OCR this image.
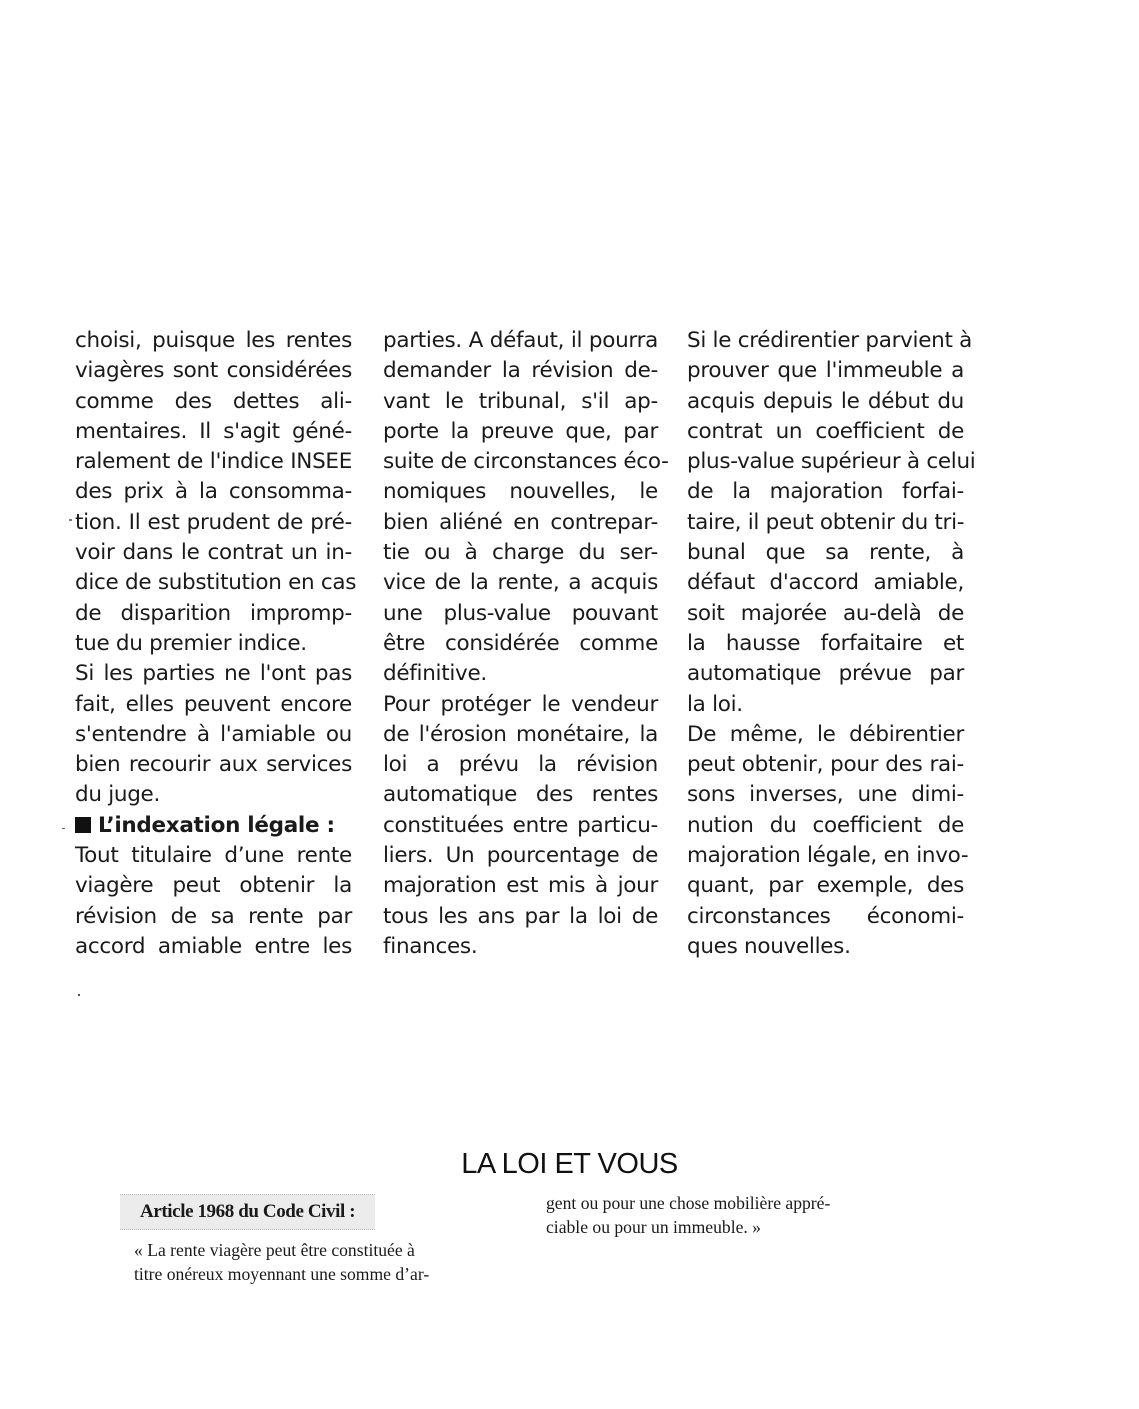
choisi, puisque les rentes
viagères sont considérées
comme des dettes ali-
mentaires. Il s'agit géné-
ralement de l'indice INSEE
des prix à la consomma-
tion. Il est prudent de pré-
voir dans le contrat un in-
dice de substitution en cas
de disparition impromp-
tue du premier indice.
Si les parties ne l'ont pas
fait, elles peuvent encore
s'entendre à l'amiable ou
bien recourir aux services
du juge.
L’indexation légale :
Tout titulaire d’une rente
viagère peut obtenir la
révision de sa rente par
accord amiable entre les
parties. A défaut, il pourra
demander la révision de-
vant le tribunal, s'il ap-
porte la preuve que, par
suite de circonstances éco-
nomiques nouvelles, le
bien aliéné en contrepar-
tie ou à charge du ser-
vice de la rente, a acquis
une plus-value pouvant
être considérée comme
définitive.
Pour protéger le vendeur
de l'érosion monétaire, la
loi a prévu la révision
automatique des rentes
constituées entre particu-
liers. Un pourcentage de
majoration est mis à jour
tous les ans par la loi de
finances.
Si le crédirentier parvient à
prouver que l'immeuble a
acquis depuis le début du
contrat un coefficient de
plus-value supérieur à celui
de la majoration forfai-
taire, il peut obtenir du tri-
bunal que sa rente, à
défaut d'accord amiable,
soit majorée au-delà de
la hausse forfaitaire et
automatique prévue par
la loi.
De même, le débirentier
peut obtenir, pour des rai-
sons inverses, une dimi-
nution du coefficient de
majoration légale, en invo-
quant, par exemple, des
circonstances économi-
ques nouvelles.
LA LOI ET VOUS
Article 1968 du Code Civil :
« La rente viagère peut être constituée à
titre onéreux moyennant une somme d’ar-
gent ou pour une chose mobilière appré-
ciable ou pour un immeuble. »
